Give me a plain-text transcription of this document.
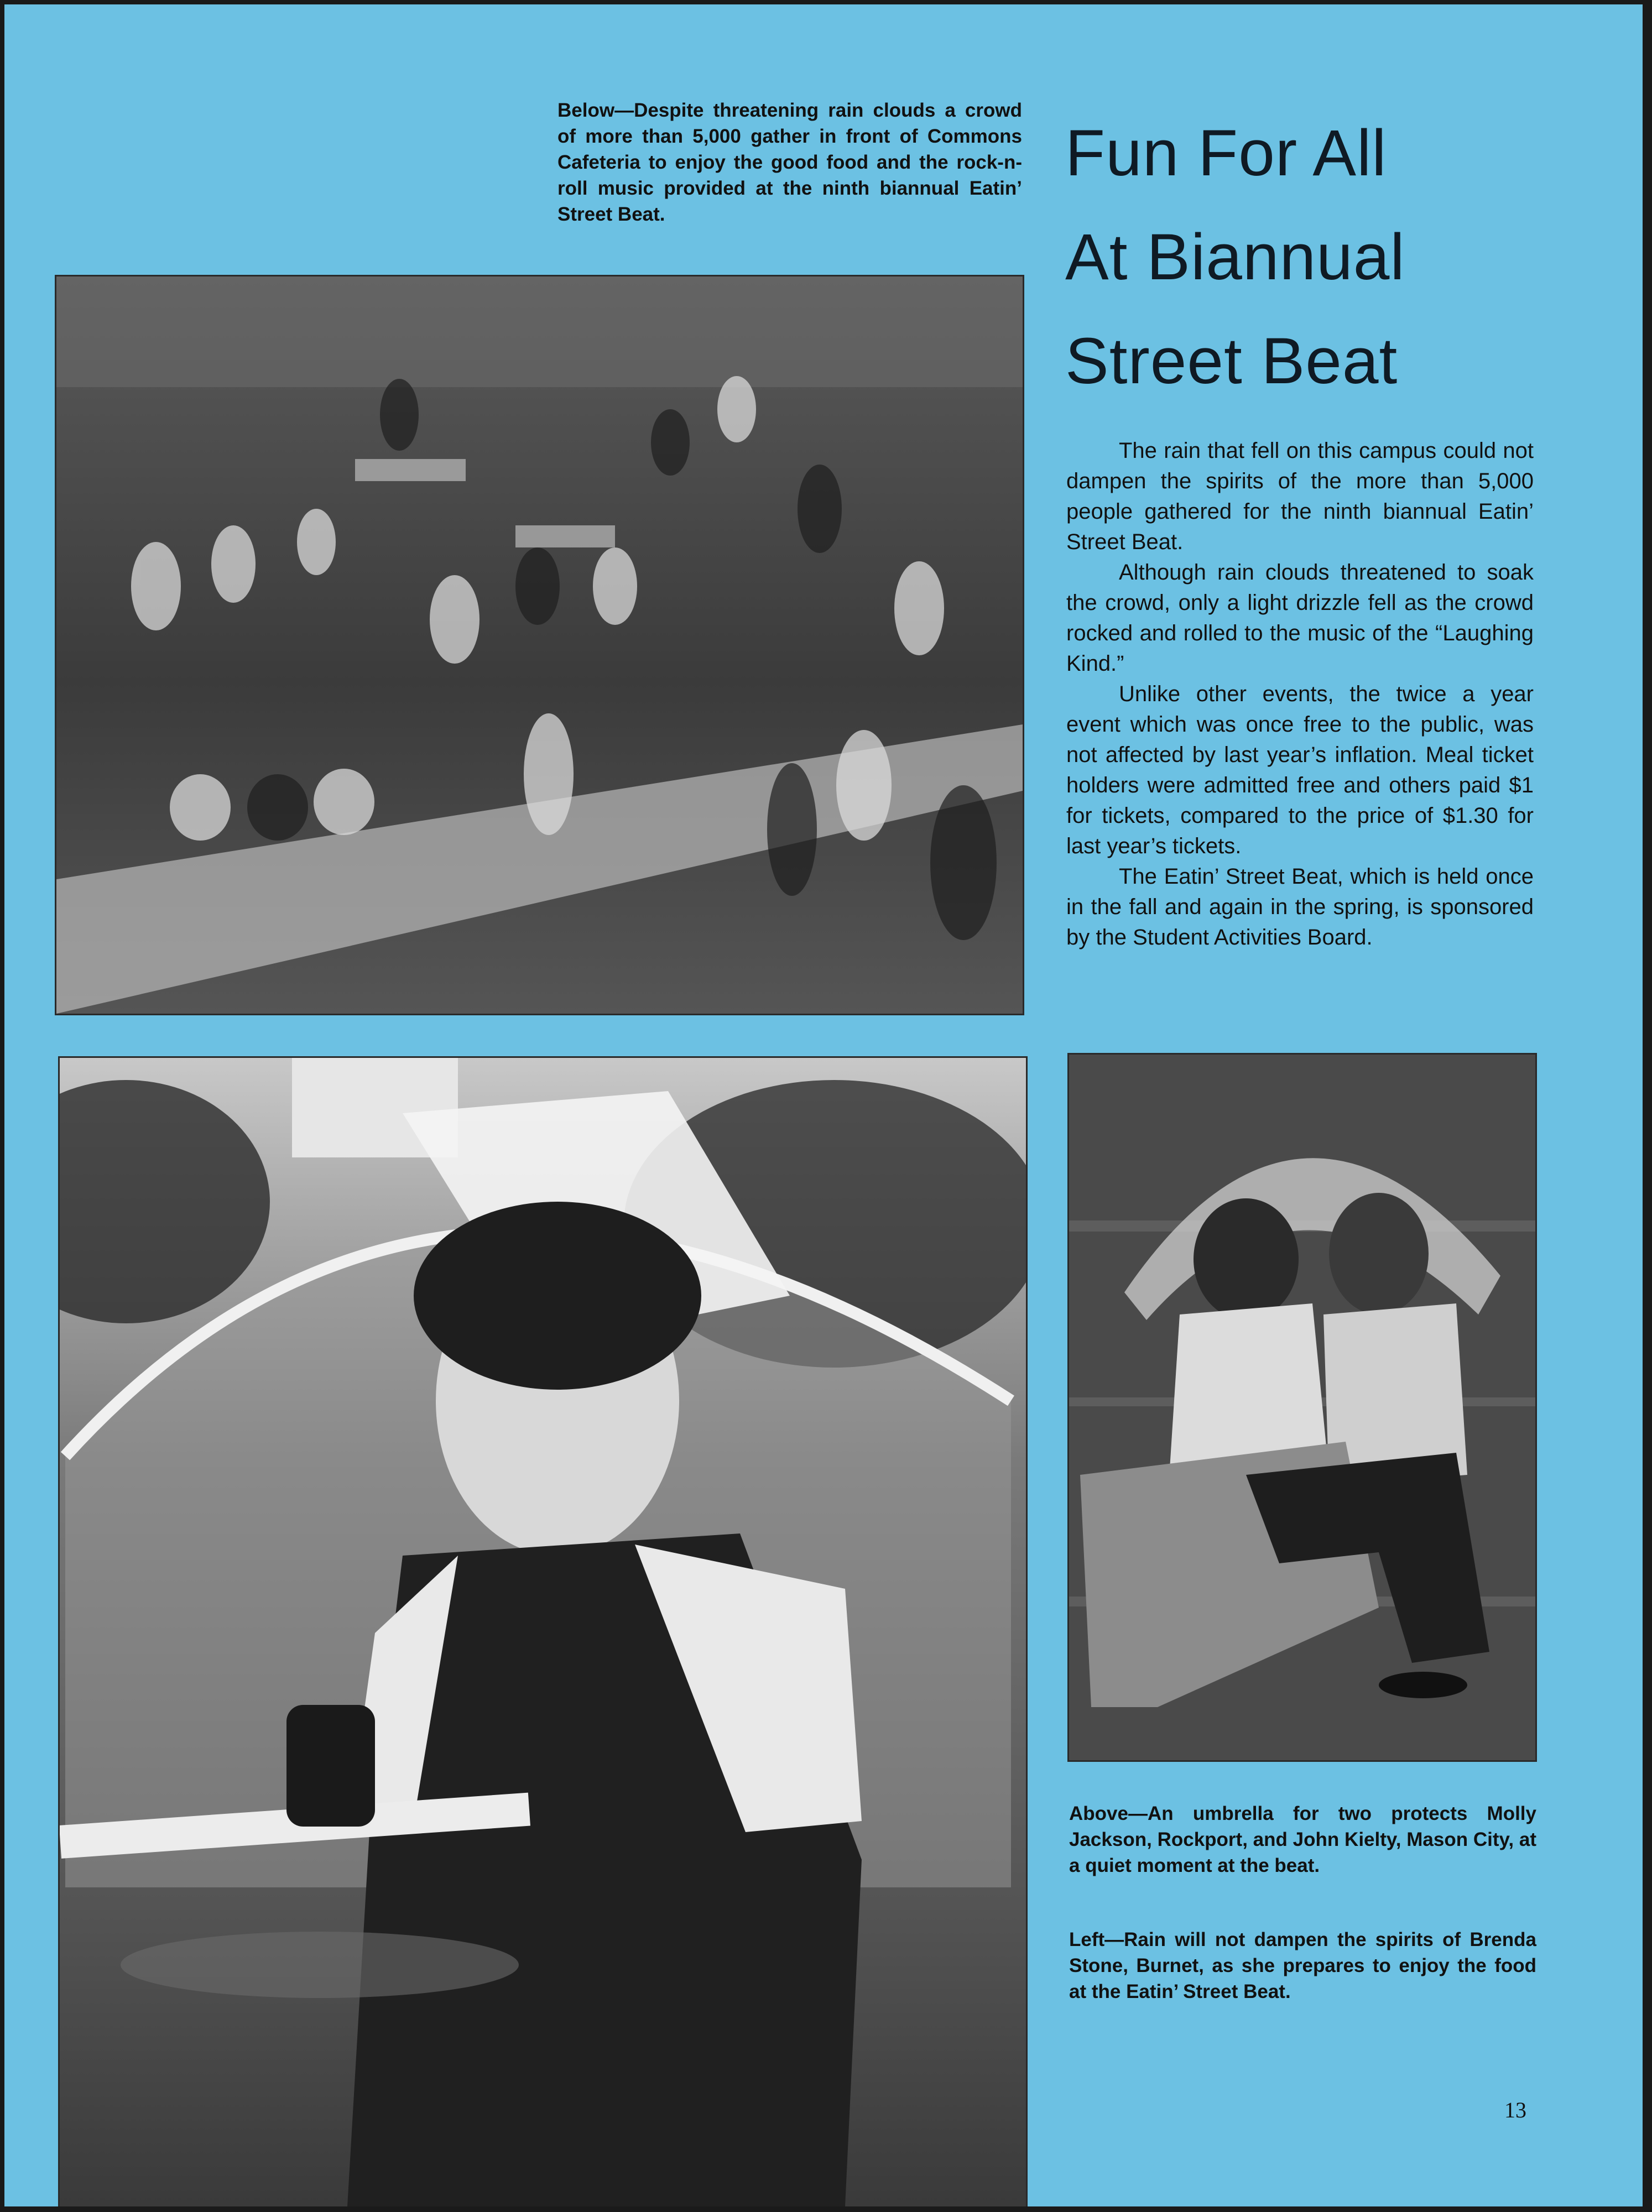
Below—Despite threatening rain clouds a crowd of more than 5,000 gather in front of Commons Cafeteria to enjoy the good food and the rock-n-roll music provided at the ninth biannual Eatin’ Street Beat.
Fun For All
At Biannual
Street Beat

The rain that fell on this campus could not dampen the spirits of the more than 5,000 people gathered for the ninth biannual Eatin’ Street Beat.

Although rain clouds threatened to soak the crowd, only a light drizzle fell as the crowd rocked and rolled to the music of the “Laughing Kind.”

Unlike other events, the twice a year event which was once free to the public, was not affected by last year’s inflation. Meal ticket holders were admitted free and others paid $1 for tickets, compared to the price of $1.30 for last year’s tickets.

The Eatin’ Street Beat, which is held once in the fall and again in the spring, is sponsored by the Student Activities Board.

Above—An umbrella for two protects Molly Jackson, Rockport, and John Kielty, Mason City, at a quiet moment at the beat.
Left—Rain will not dampen the spirits of Brenda Stone, Burnet, as she prepares to enjoy the food at the Eatin’ Street Beat.
13
